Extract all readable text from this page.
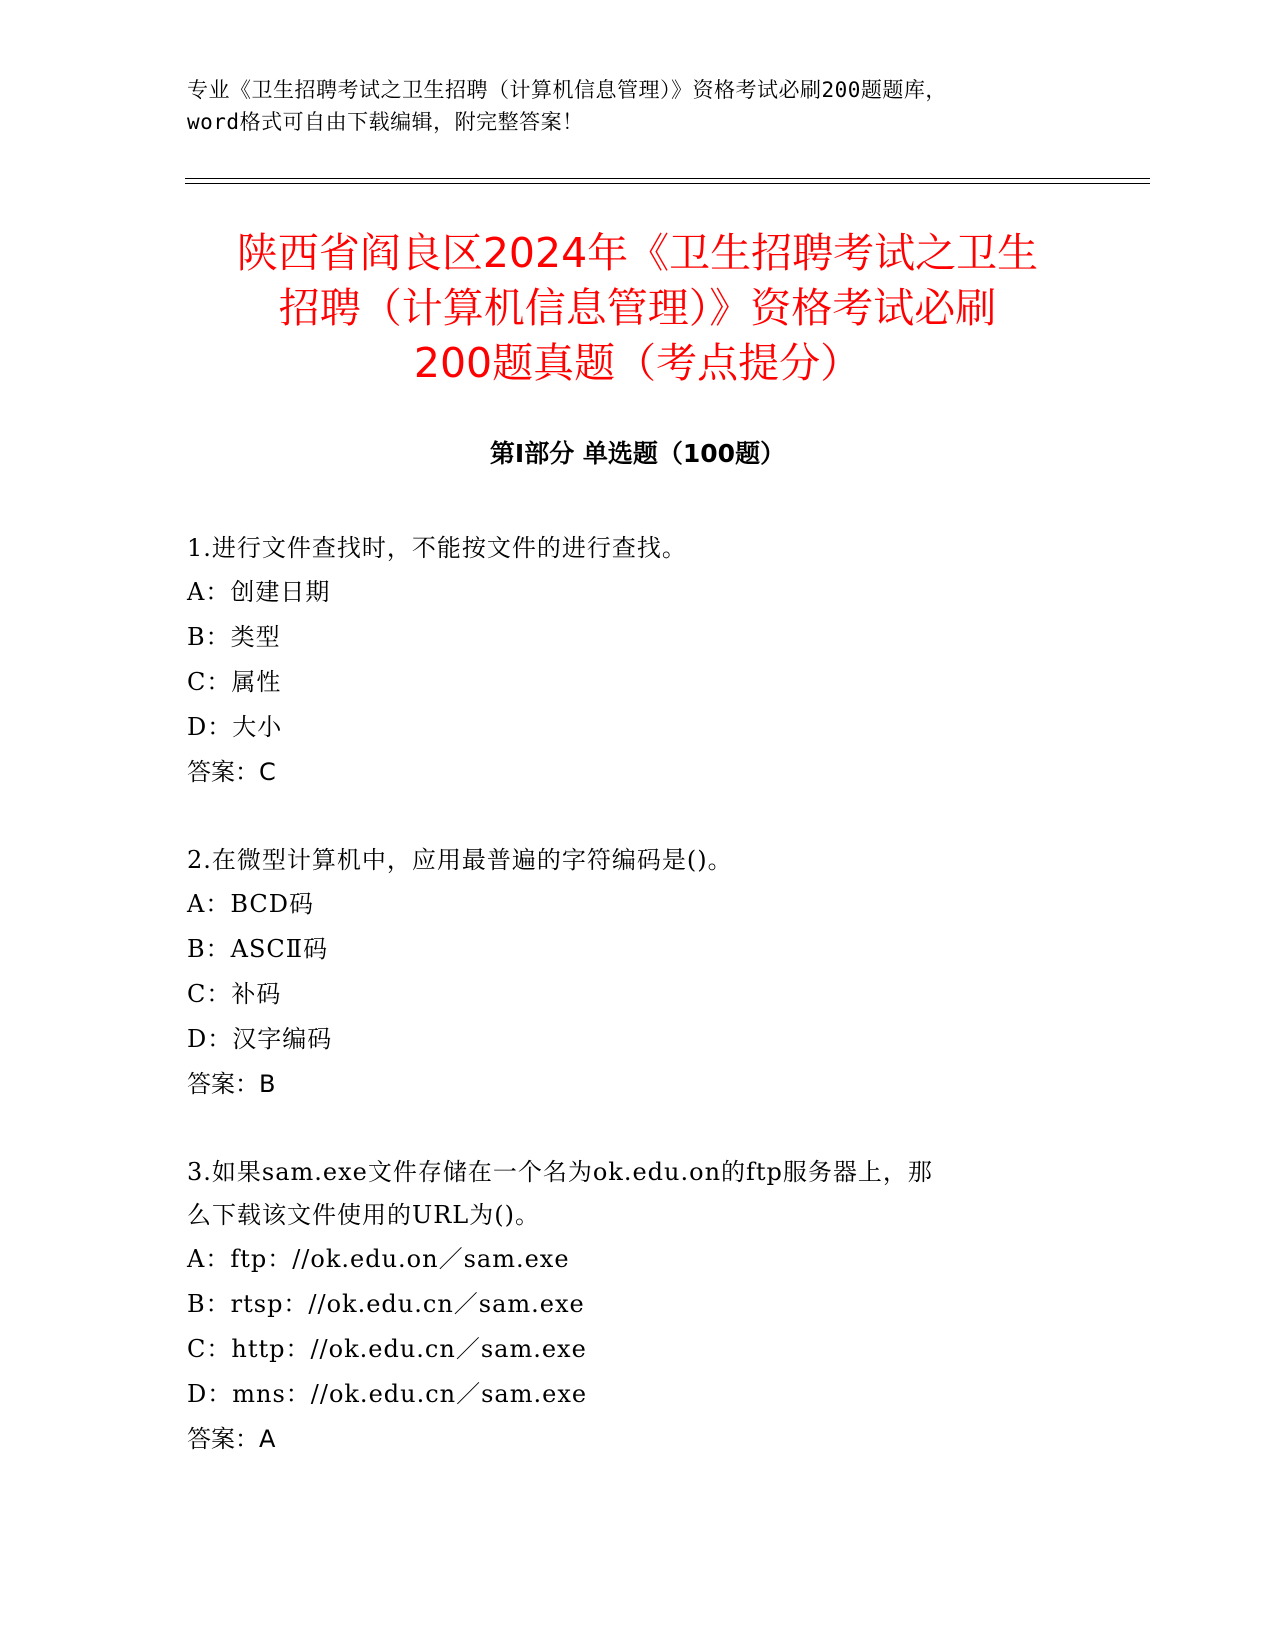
专业《卫生招聘考试之卫生招聘（计算机信息管理）》资格考试必刷200题题库，

word格式可自由下载编辑，附完整答案！

陕西省阎良区2024年《卫生招聘考试之卫生
招聘（计算机信息管理）》资格考试必刷
200题真题（考点提分）
第Ⅰ部分 单选题（100题）

1.进行文件查找时，不能按文件的进行查找。

A：创建日期

B：类型

C：属性

D：大小

答案：C

2.在微型计算机中，应用最普遍的字符编码是()。

A：BCD码

B：ASCⅡ码

C：补码

D：汉字编码

答案：B

3.如果sam.exe文件存储在一个名为ok.edu.on的ftp服务器上，那

么下载该文件使用的URL为()。

A：ftp：//ok.edu.on／sam.exe

B：rtsp：//ok.edu.cn／sam.exe

C：http：//ok.edu.cn／sam.exe

D：mns：//ok.edu.cn／sam.exe

答案：A
